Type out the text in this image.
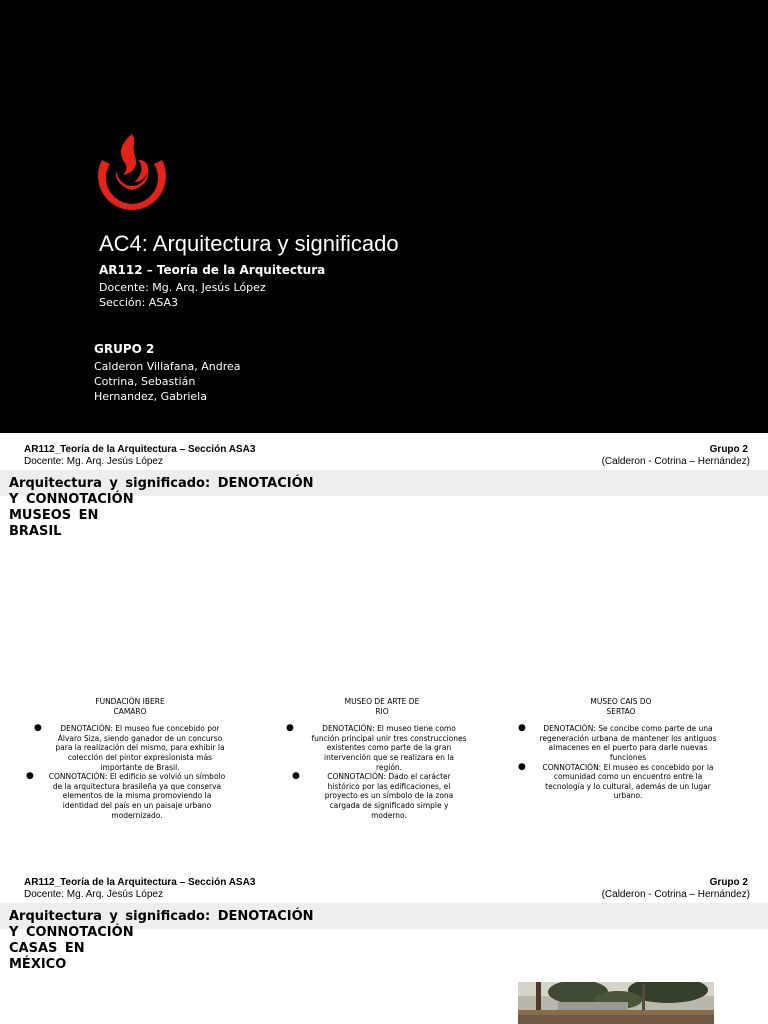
AC4: Arquitectura y significado
AR112 – Teoría de la Arquitectura
Docente: Mg. Arq. Jesús López
Sección: ASA3
GRUPO 2
Calderon Villafana, Andrea
Cotrina, Sebastián
Hernandez, Gabriela
AR112_Teoría de la Arquitectura – Sección ASA3
Docente: Mg. Arq. Jesús López
Grupo 2
(Calderon - Cotrina – Hernández)
Arquitectura y significado: DENOTACIÓN
Y CONNOTACIÓN
MUSEOS EN
BRASIL
FUNDACIÓN IBERE
CAMARO
●	DENOTACIÓN: El museo fue concebido por
Álvaro Siza, siendo ganador de un concurso
para la realización del mismo, para exhibir la
colección del pintor expresionista más
importante de Brasil.
●	CONNOTACIÓN: El edificio se volvió un símbolo
de la arquitectura brasileña ya que conserva
elementos de la misma promoviendo la
identidad del país en un paisaje urbano
modernizado.
MUSEO DE ARTE DE
RIO
●	DENOTACIÓN: El museo tiene como
función principal unir tres construcciones
existentes como parte de la gran
intervención que se realizara en la
región.
●	CONNOTACIÓN: Dado el carácter
histórico por las edificaciones, el
proyecto es un símbolo de la zona
cargada de significado simple y
moderno.
MUSEO CAIS DO
SERTAO
●	DENOTACIÓN: Se concibe como parte de una
regeneración urbana de mantener los antiguos
almacenes en el puerto para darle nuevas
funciones
●	CONNOTACIÓN: El museo es concebido por la
comunidad como un encuentro entre la
tecnología y lo cultural, además de un lugar
urbano.
AR112_Teoría de la Arquitectura – Sección ASA3
Docente: Mg. Arq. Jesús López
Grupo 2
(Calderon - Cotrina – Hernández)
Arquitectura y significado: DENOTACIÓN
Y CONNOTACIÓN
CASAS EN
MÉXICO
